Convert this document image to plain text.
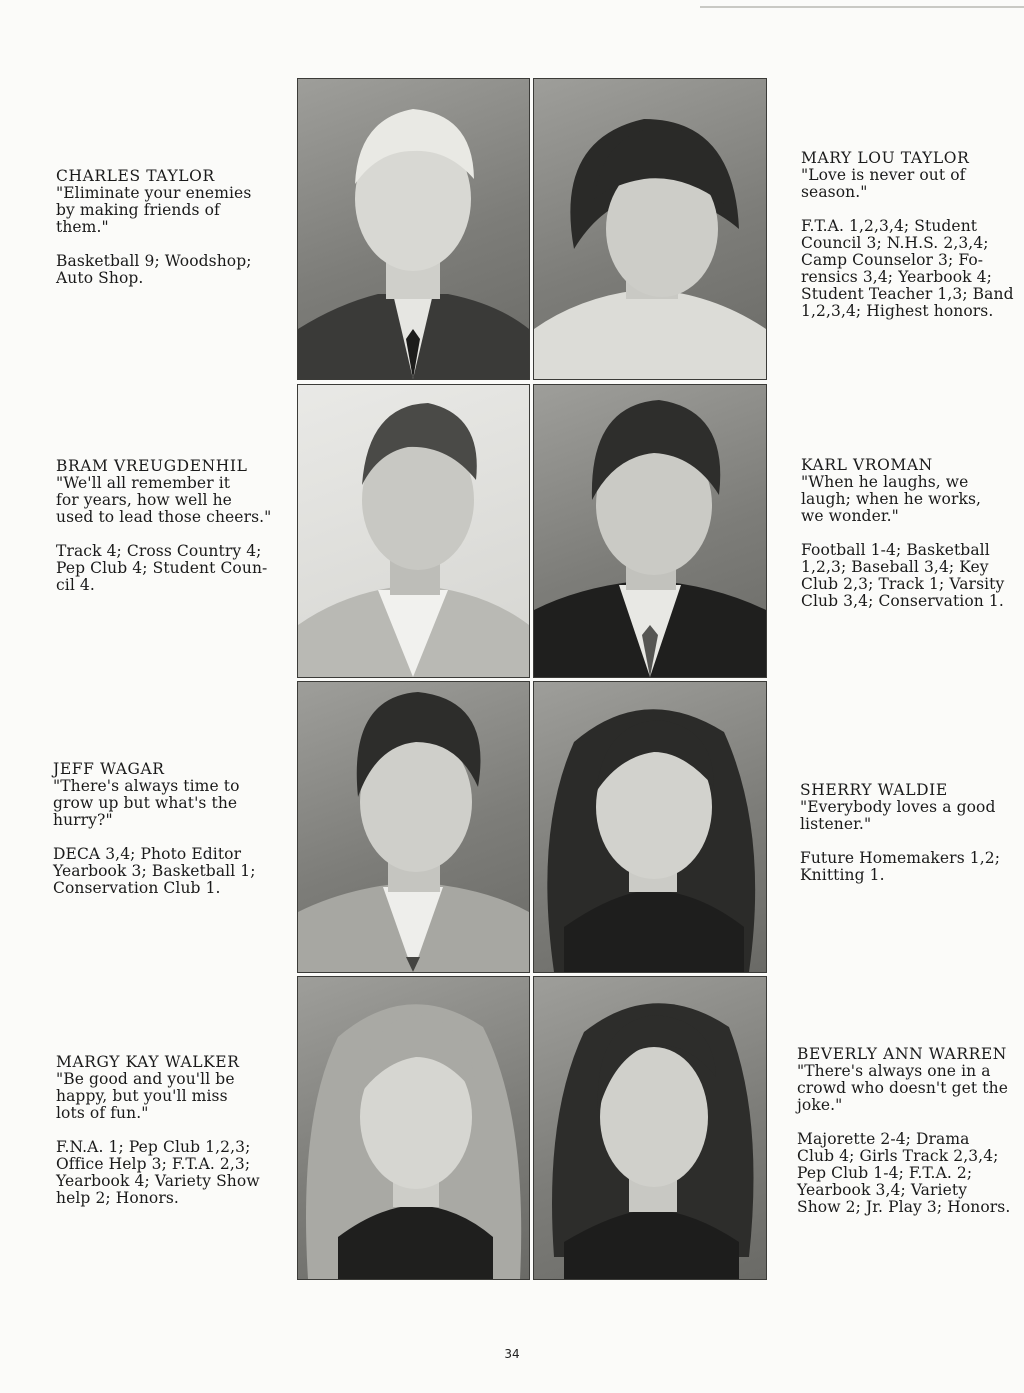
CHARLES TAYLOR
"Eliminate your enemies
by making friends of
them."
Basketball 9; Woodshop;
Auto Shop.
MARY LOU TAYLOR
"Love is never out of
season."
F.T.A. 1,2,3,4; Student
Council 3; N.H.S. 2,3,4;
Camp Counselor 3; Fo-
rensics 3,4; Yearbook 4;
Student Teacher 1,3; Band
1,2,3,4; Highest honors.
BRAM VREUGDENHIL
"We'll all remember it
for years, how well he
used to lead those cheers."
Track 4; Cross Country 4;
Pep Club 4; Student Coun-
cil 4.
KARL VROMAN
"When he laughs, we
laugh; when he works,
we wonder."
Football 1-4; Basketball
1,2,3; Baseball 3,4; Key
Club 2,3; Track 1; Varsity
Club 3,4; Conservation 1.
JEFF WAGAR
"There's always time to
grow up but what's the
hurry?"
DECA 3,4; Photo Editor
Yearbook 3; Basketball 1;
Conservation Club 1.
SHERRY WALDIE
"Everybody loves a good
listener."
Future Homemakers 1,2;
Knitting 1.
MARGY KAY WALKER
"Be good and you'll be
happy, but you'll miss
lots of fun."
F.N.A. 1; Pep Club 1,2,3;
Office Help 3; F.T.A. 2,3;
Yearbook 4; Variety Show
help 2; Honors.
BEVERLY ANN WARREN
"There's always one in a
crowd who doesn't get the
joke."
Majorette 2-4; Drama
Club 4; Girls Track 2,3,4;
Pep Club 1-4; F.T.A. 2;
Yearbook 3,4; Variety
Show 2; Jr. Play 3; Honors.
34
